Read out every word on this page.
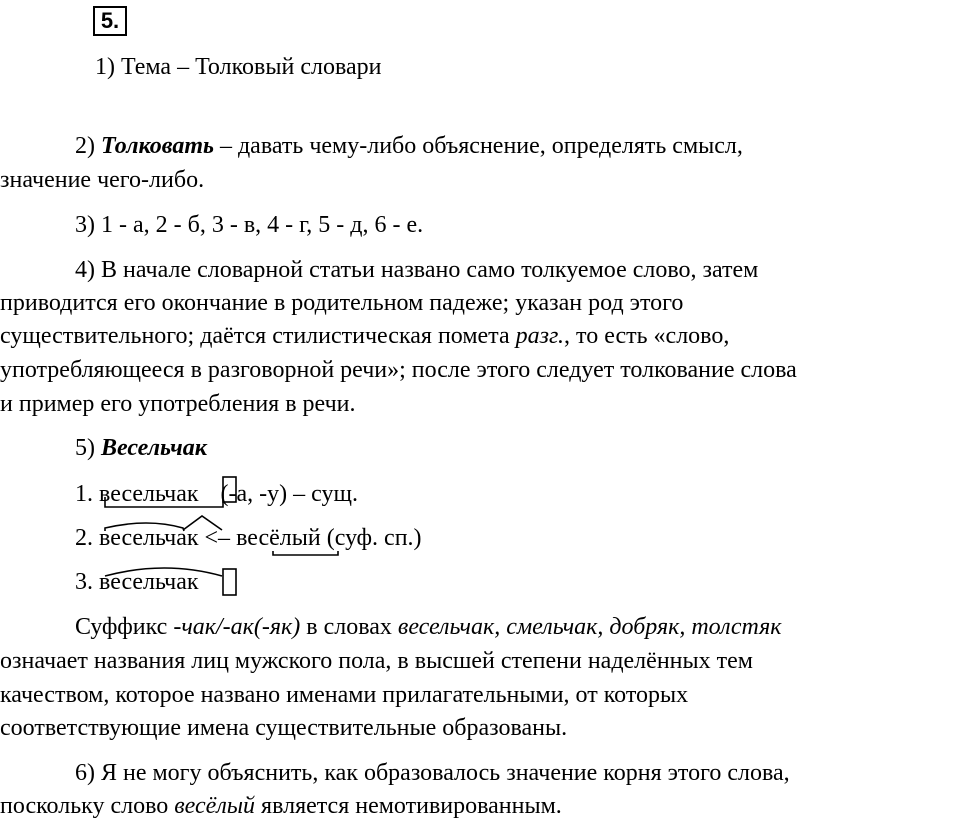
5.
1) Тема – Толковый словари
2) Толковать – давать чему-либо объяснение, определять смысл,
значение чего-либо.
3) 1 - а, 2 - б, 3 - в, 4 - г, 5 - д, 6 - е.
4) В начале словарной статьи названо само толкуемое слово, затем
приводится его окончание в родительном падеже; указан род этого
существительного; даётся стилистическая помета разг., то есть «слово,
употребляющееся в разговорной речи»; после этого следует толкование слова
и пример его употребления в речи.
5) Весельчак
1. весельчак (-а, -у) – сущ.
2. весельчак <– весёлый (суф. сп.)
3. весельчак
Суффикс -чак/-ак(-як) в словах весельчак, смельчак, добряк, толстяк
означает названия лиц мужского пола, в высшей степени наделённых тем
качеством, которое названо именами прилагательными, от которых
соответствующие имена существительные образованы.
6) Я не могу объяснить, как образовалось значение корня этого слова,
поскольку слово весёлый является немотивированным.
